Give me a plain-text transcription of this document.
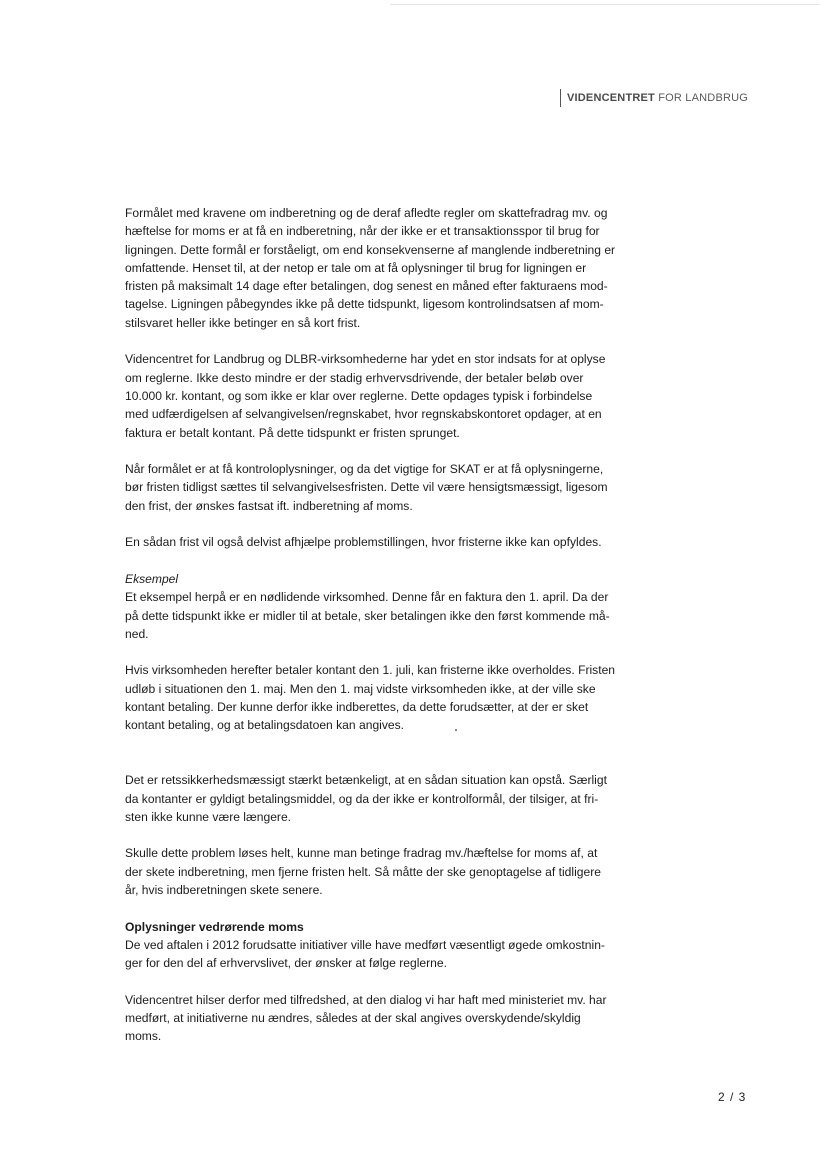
VIDENCENTRET FOR LANDBRUG

Formålet med kravene om indberetning og de deraf afledte regler om skattefradrag mv. og
hæftelse for moms er at få en indberetning, når der ikke er et transaktionsspor til brug for
ligningen. Dette formål er forståeligt, om end konsekvenserne af manglende indberetning er
omfattende. Henset til, at der netop er tale om at få oplysninger til brug for ligningen er
fristen på maksimalt 14 dage efter betalingen, dog senest en måned efter fakturaens mod-
tagelse. Ligningen påbegyndes ikke på dette tidspunkt, ligesom kontrolindsatsen af mom-
stilsvaret heller ikke betinger en så kort frist.

Videncentret for Landbrug og DLBR-virksomhederne har ydet en stor indsats for at oplyse
om reglerne. Ikke desto mindre er der stadig erhvervsdrivende, der betaler beløb over
10.000 kr. kontant, og som ikke er klar over reglerne. Dette opdages typisk i forbindelse
med udfærdigelsen af selvangivelsen/regnskabet, hvor regnskabskontoret opdager, at en
faktura er betalt kontant. På dette tidspunkt er fristen sprunget.

Når formålet er at få kontroloplysninger, og da det vigtige for SKAT er at få oplysningerne,
bør fristen tidligst sættes til selvangivelsesfristen. Dette vil være hensigtsmæssigt, ligesom
den frist, der ønskes fastsat ift. indberetning af moms.

En sådan frist vil også delvist afhjælpe problemstillingen, hvor fristerne ikke kan opfyldes.

Eksempel
Et eksempel herpå er en nødlidende virksomhed. Denne får en faktura den 1. april. Da der
på dette tidspunkt ikke er midler til at betale, sker betalingen ikke den først kommende må-
ned.

Hvis virksomheden herefter betaler kontant den 1. juli, kan fristerne ikke overholdes. Fristen
udløb i situationen den 1. maj. Men den 1. maj vidste virksomheden ikke, at der ville ske
kontant betaling. Der kunne derfor ikke indberettes, da dette forudsætter, at der er sket
kontant betaling, og at betalingsdatoen kan angives.

Det er retssikkerhedsmæssigt stærkt betænkeligt, at en sådan situation kan opstå. Særligt
da kontanter er gyldigt betalingsmiddel, og da der ikke er kontrolformål, der tilsiger, at fri-
sten ikke kunne være længere.

Skulle dette problem løses helt, kunne man betinge fradrag mv./hæftelse for moms af, at
der skete indberetning, men fjerne fristen helt. Så måtte der ske genoptagelse af tidligere
år, hvis indberetningen skete senere.

Oplysninger vedrørende moms
De ved aftalen i 2012 forudsatte initiativer ville have medført væsentligt øgede omkostnin-
ger for den del af erhvervslivet, der ønsker at følge reglerne.

Videncentret hilser derfor med tilfredshed, at den dialog vi har haft med ministeriet mv. har
medført, at initiativerne nu ændres, således at der skal angives overskydende/skyldig
moms.

2 / 3
